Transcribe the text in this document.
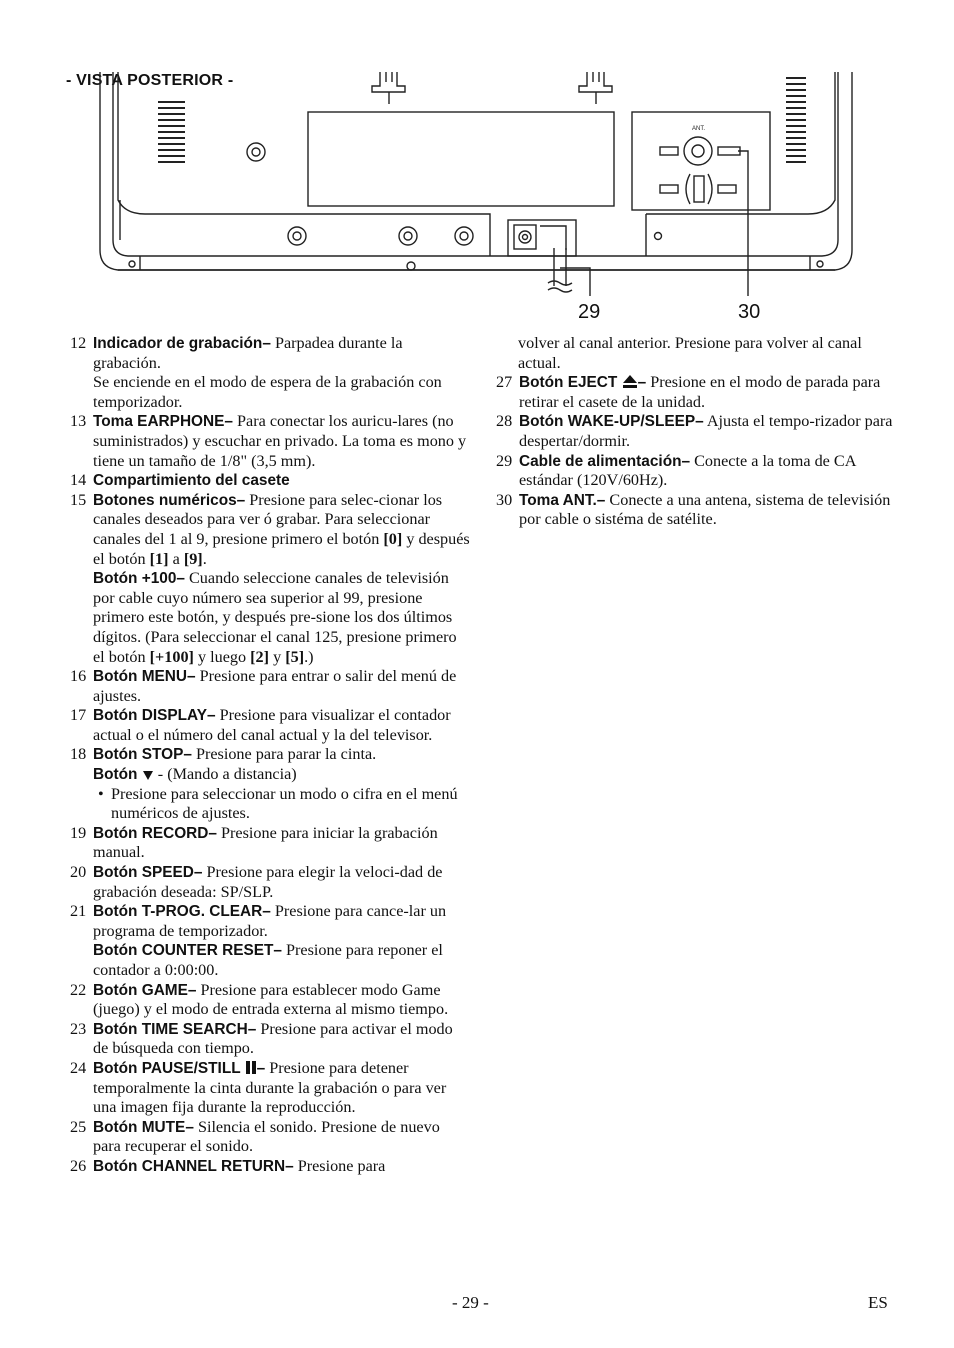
- VISTA POSTERIOR -
ANT.
29	30
12 Indicador de grabación– Parpadea durante la grabación.
Se enciende en el modo de espera de la grabación con temporizador.
13 Toma EARPHONE– Para conectar los auricu-lares (no suministrados) y escuchar en privado. La toma es mono y tiene un tamaño de 1/8" (3,5 mm).
14 Compartimiento del casete
15 Botones numéricos– Presione para selec-cionar los canales deseados para ver ó grabar. Para seleccionar canales del 1 al 9, presione primero el botón [0] y después el botón [1] a [9].
Botón +100– Cuando seleccione canales de televisión por cable cuyo número sea superior al 99, presione primero este botón, y después pre-sione los dos últimos dígitos. (Para seleccionar el canal 125, presione primero el botón [+100] y luego [2] y [5].)
16 Botón MENU– Presione para entrar o salir del menú de ajustes.
17 Botón DISPLAY– Presione para visualizar el contador actual o el número del canal actual y la del televisor.
18 Botón STOP– Presione para parar la cinta.
Botón  - (Mando a distancia)
• Presione para seleccionar un modo o cifra en el menú numéricos de ajustes.
19 Botón RECORD– Presione para iniciar la grabación manual.
20 Botón SPEED– Presione para elegir la veloci-dad de grabación deseada: SP/SLP.
21 Botón T-PROG. CLEAR– Presione para cance-lar un programa de temporizador.
Botón COUNTER RESET– Presione para reponer el contador a 0:00:00.
22 Botón GAME– Presione para establecer modo Game (juego) y el modo de entrada externa al mismo tiempo.
23 Botón TIME SEARCH– Presione para activar el modo de búsqueda con tiempo.
24 Botón PAUSE/STILL
– Presione para detener temporalmente la cinta durante la grabación o para ver una imagen fija durante la reproducción.
25 Botón MUTE– Silencia el sonido. Presione de nuevo para recuperar el sonido.
26 Botón CHANNEL RETURN– Presione para
volver al canal anterior. Presione para volver al canal actual.
27 Botón EJECT
– Presione en el modo de parada para retirar el casete de la unidad.
28 Botón WAKE-UP/SLEEP– Ajusta el tempo-rizador para despertar/dormir.
29 Cable de alimentación– Conecte a la toma de CA estándar (120V/60Hz).
30 Toma ANT.– Conecte a una antena, sistema de televisión por cable o sistéma de satélite.
- 29 -	ES
